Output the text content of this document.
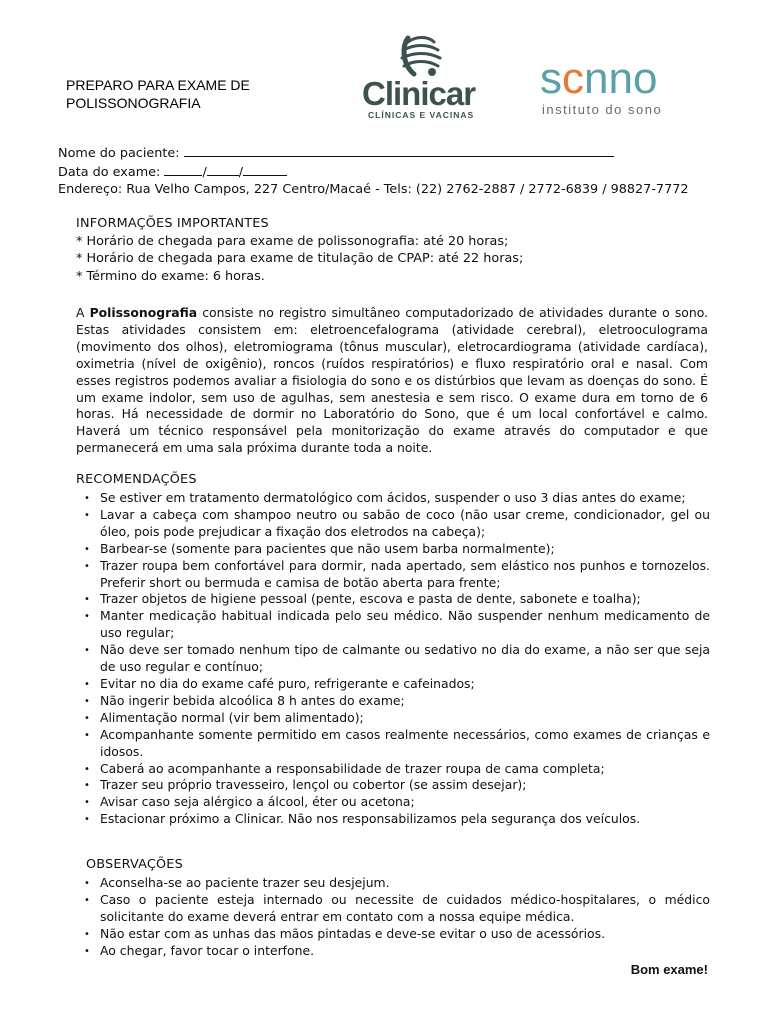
PREPARO PARA EXAME DE
POLISSONOGRAFIA	Clinicar
CLÍNICAS E VACINAS
scnno
instituto do sono
Nome do paciente:
Data do exame:	/	/
Endereço: Rua Velho Campos, 227 Centro/Macaé - Tels: (22) 2762-2887 / 2772-6839 / 98827-7772
INFORMAÇÕES IMPORTANTES
* Horário de chegada para exame de polissonografia: até 20 horas;
* Horário de chegada para exame de titulação de CPAP: até 22 horas;
* Término do exame: 6 horas.
A Polissonografia consiste no registro simultâneo computadorizado de atividades durante o sono. Estas atividades consistem em: eletroencefalograma (atividade cerebral), eletrooculograma (movimento dos olhos), eletromiograma (tônus muscular), eletrocardiograma (atividade cardíaca), oximetria (nível de oxigênio), roncos (ruídos respiratórios) e fluxo respiratório oral e nasal. Com esses registros podemos avaliar a fisiologia do sono e os distúrbios que levam as doenças do sono. É um exame indolor, sem uso de agulhas, sem anestesia e sem risco. O exame dura em torno de 6 horas. Há necessidade de dormir no Laboratório do Sono, que é um local confortável e calmo. Haverá um técnico responsável pela monitorização do exame através do computador e que permanecerá em uma sala próxima durante toda a noite.
RECOMENDAÇÕES
• Se estiver em tratamento dermatológico com ácidos, suspender o uso 3 dias antes do exame;
• Lavar a cabeça com shampoo neutro ou sabão de coco (não usar creme, condicionador, gel ou óleo, pois pode prejudicar a fixação dos eletrodos na cabeça);
• Barbear-se (somente para pacientes que não usem barba normalmente);
• Trazer roupa bem confortável para dormir, nada apertado, sem elástico nos punhos e tornozelos. Preferir short ou bermuda e camisa de botão aberta para frente;
• Trazer objetos de higiene pessoal (pente, escova e pasta de dente, sabonete e toalha);
• Manter medicação habitual indicada pelo seu médico. Não suspender nenhum medicamento de uso regular;
• Não deve ser tomado nenhum tipo de calmante ou sedativo no dia do exame, a não ser que seja de uso regular e contínuo;
• Evitar no dia do exame café puro, refrigerante e cafeinados;
• Não ingerir bebida alcoólica 8 h antes do exame;
• Alimentação normal (vir bem alimentado);
• Acompanhante somente permitido em casos realmente necessários, como exames de crianças e idosos.
• Caberá ao acompanhante a responsabilidade de trazer roupa de cama completa;
• Trazer seu próprio travesseiro, lençol ou cobertor (se assim desejar);
• Avisar caso seja alérgico a álcool, éter ou acetona;
• Estacionar próximo a Clinicar. Não nos responsabilizamos pela segurança dos veículos.
OBSERVAÇÕES
• Aconselha-se ao paciente trazer seu desjejum.
• Caso o paciente esteja internado ou necessite de cuidados médico-hospitalares, o médico solicitante do exame deverá entrar em contato com a nossa equipe médica.
• Não estar com as unhas das mãos pintadas e deve-se evitar o uso de acessórios.
• Ao chegar, favor tocar o interfone.
Bom exame!
